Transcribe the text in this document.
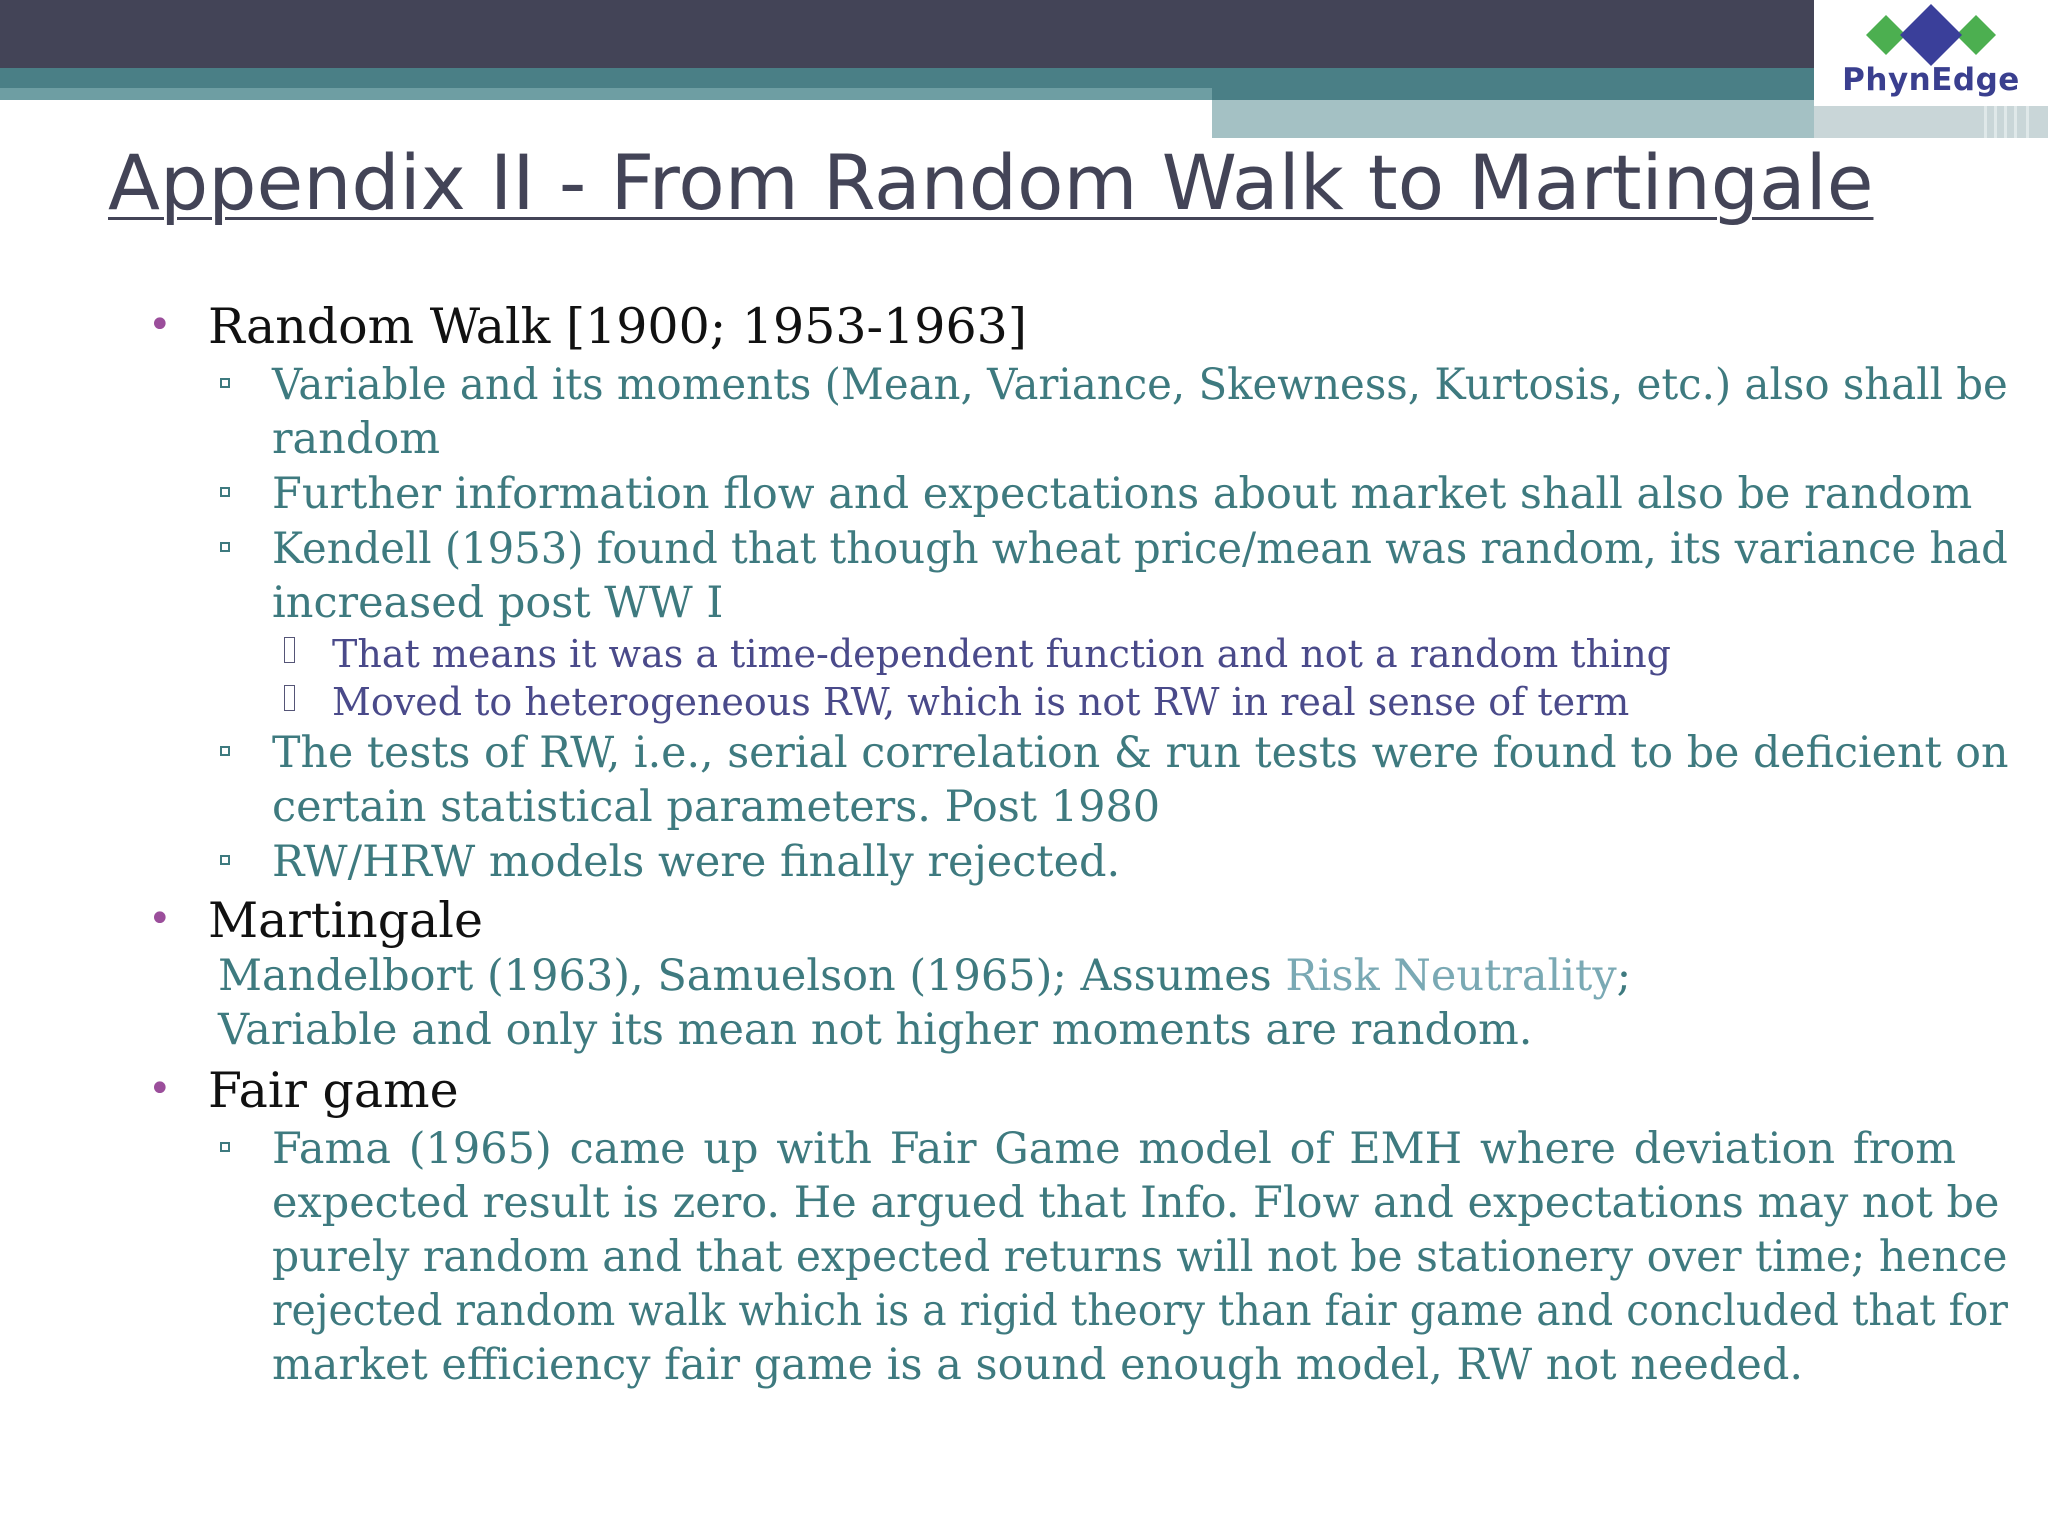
PhynEdge
Appendix II - From Random Walk to Martingale
• Random Walk [1900; 1953-1963]
Variable and its moments (Mean, Variance, Skewness, Kurtosis, etc.) also shall be
random
Further information flow and expectations about market shall also be random
Kendell (1953) found that though wheat price/mean was random, its variance had
increased post WW I
That means it was a time-dependent function and not a random thing
Moved to heterogeneous RW, which is not RW in real sense of term
The tests of RW, i.e., serial correlation & run tests were found to be deficient on
certain statistical parameters. Post 1980
RW/HRW models were finally rejected.
• Martingale
Mandelbort (1963), Samuelson (1965); Assumes Risk Neutrality;
Variable and only its mean not higher moments are random.
• Fair game
Fama (1965) came up with Fair Game model of EMH where deviation from
expected result is zero. He argued that Info. Flow and expectations may not be
purely random and that expected returns will not be stationery over time; hence
rejected random walk which is a rigid theory than fair game and concluded that for
market efficiency fair game is a sound enough model, RW not needed.
